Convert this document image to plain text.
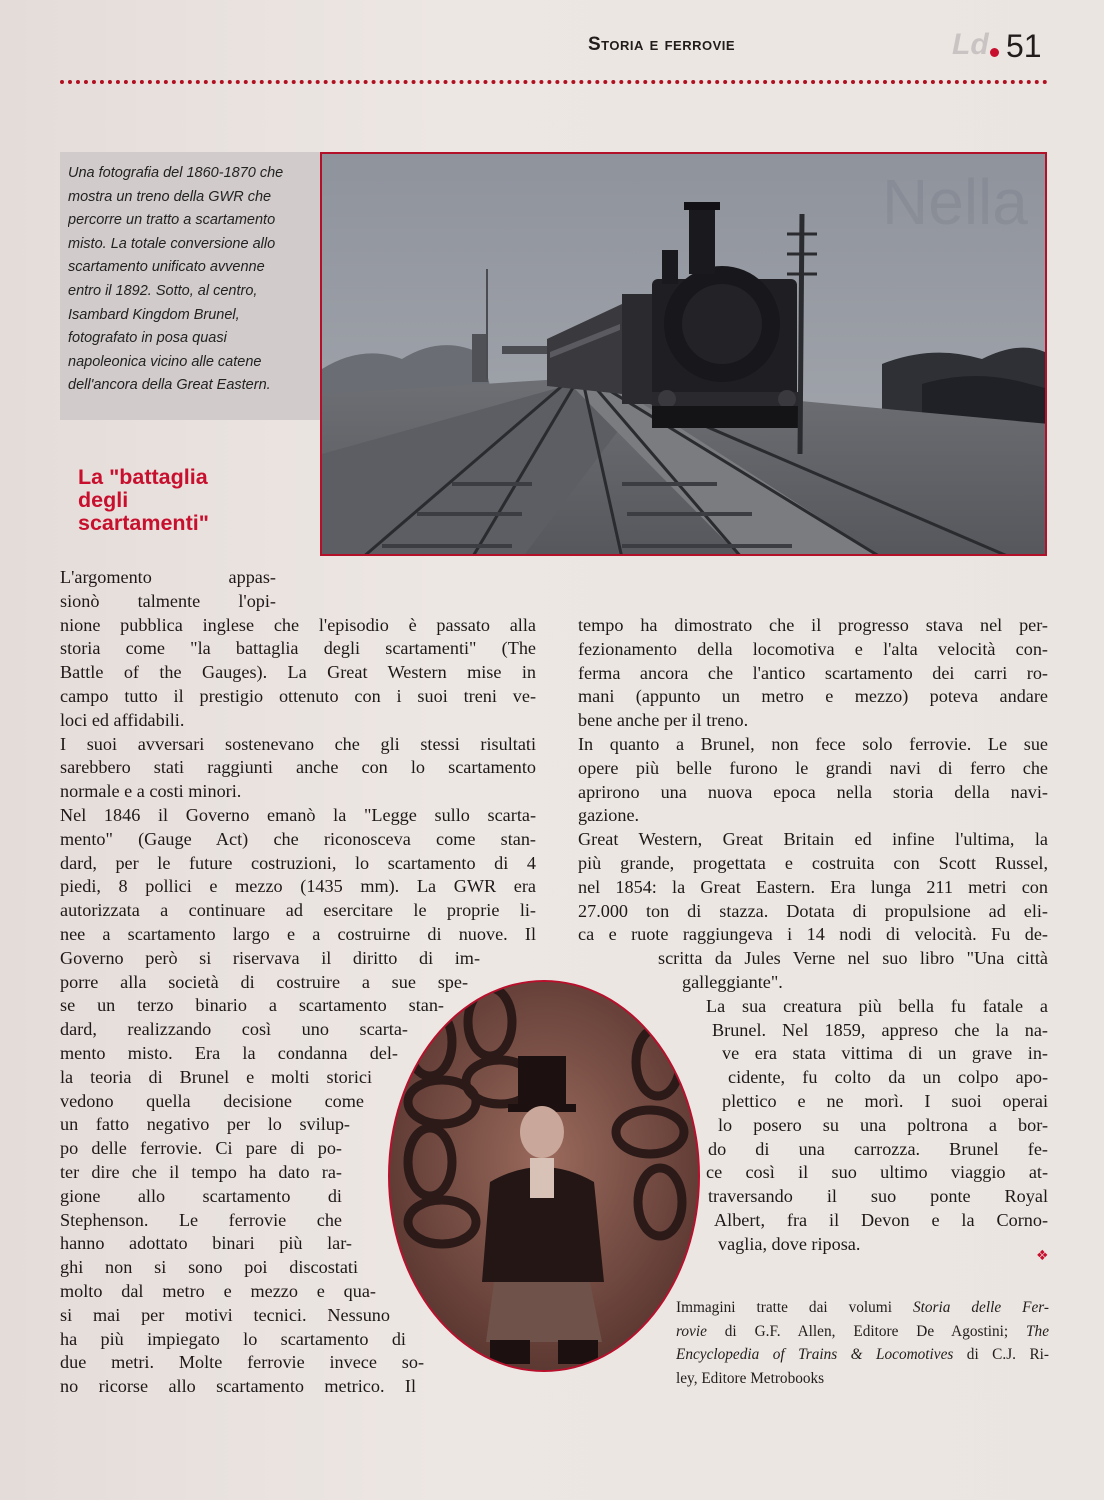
Storia e ferrovie	Ld 51
Una fotografia del 1860-1870 che
mostra un treno della GWR che
percorre un tratto a scartamento
misto. La totale conversione allo
scartamento unificato avvenne
entro il 1892. Sotto, al centro,
Isambard Kingdom Brunel,
fotografato in posa quasi
napoleonica vicino alle catene
dell'ancora della Great Eastern.
Nella
La "battaglia
degli
scartamenti"
L'argomento appas-
sionò talmente l'opi-
nione pubblica inglese che l'episodio è passato alla
storia come "la battaglia degli scartamenti" (The
Battle of the Gauges). La Great Western mise in
campo tutto il prestigio ottenuto con i suoi treni ve-
loci ed affidabili.
I suoi avversari sostenevano che gli stessi risultati
sarebbero stati raggiunti anche con lo scartamento
normale e a costi minori.
Nel 1846 il Governo emanò la "Legge sullo scarta-
mento" (Gauge Act) che riconosceva come stan-
dard, per le future costruzioni, lo scartamento di 4
piedi, 8 pollici e mezzo (1435 mm). La GWR era
autorizzata a continuare ad esercitare le proprie li-
nee a scartamento largo e a costruirne di nuove. Il
Governo però si riservava il diritto di im-
porre alla società di costruire a sue spe-
se un terzo binario a scartamento stan-
dard, realizzando così uno scarta-
mento misto. Era la condanna del-
la teoria di Brunel e molti storici
vedono quella decisione come
un fatto negativo per lo svilup-
po delle ferrovie. Ci pare di po-
ter dire che il tempo ha dato ra-
gione allo scartamento di
Stephenson. Le ferrovie che
hanno adottato binari più lar-
ghi non si sono poi discostati
molto dal metro e mezzo e qua-
si mai per motivi tecnici. Nessuno
ha più impiegato lo scartamento di
due metri. Molte ferrovie invece so-
no ricorse allo scartamento metrico. Il
tempo ha dimostrato che il progresso stava nel per-
fezionamento della locomotiva e l'alta velocità con-
ferma ancora che l'antico scartamento dei carri ro-
mani (appunto un metro e mezzo) poteva andare
bene anche per il treno.
In quanto a Brunel, non fece solo ferrovie. Le sue
opere più belle furono le grandi navi di ferro che
aprirono una nuova epoca nella storia della navi-
gazione.
Great Western, Great Britain ed infine l'ultima, la
più grande, progettata e costruita con Scott Russel,
nel 1854: la Great Eastern. Era lunga 211 metri con
27.000 ton di stazza. Dotata di propulsione ad eli-
ca e ruote raggiungeva i 14 nodi di velocità. Fu de-
scritta da Jules Verne nel suo libro "Una città
galleggiante".
La sua creatura più bella fu fatale a
Brunel. Nel 1859, appreso che la na-
ve era stata vittima di un grave in-
cidente, fu colto da un colpo apo-
plettico e ne morì. I suoi operai
lo posero su una poltrona a bor-
do di una carrozza. Brunel fe-
ce così il suo ultimo viaggio at-
traversando il suo ponte Royal
Albert, fra il Devon e la Corno-
vaglia, dove riposa.
❖
Immagini tratte dai volumi Storia delle Fer-
rovie di G.F. Allen, Editore De Agostini; The
Encyclopedia of Trains & Locomotives di C.J. Ri-
ley, Editore Metrobooks
